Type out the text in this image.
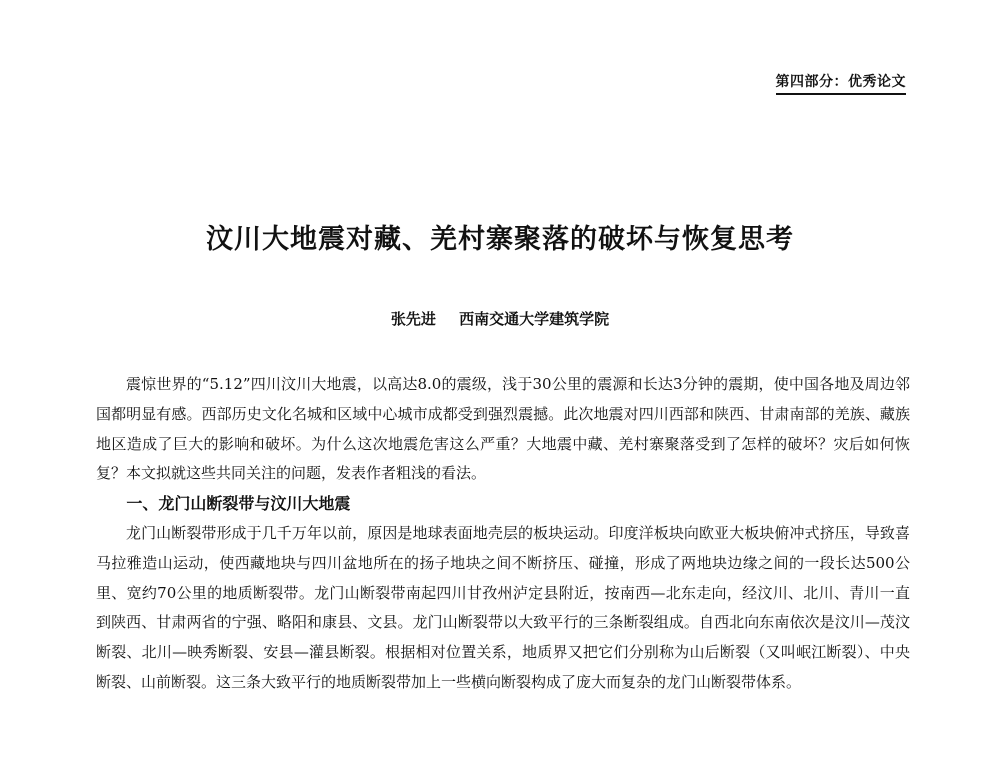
第四部分：优秀论文
汶川大地震对藏、羌村寨聚落的破坏与恢复思考
张先进 西南交通大学建筑学院

震惊世界的“5.12”四川汶川大地震，以高达8.0的震级，浅于30公里的震源和长达3分钟的震期，使中国各地及周边邻国都明显有感。西部历史文化名城和区域中心城市成都受到强烈震撼。此次地震对四川西部和陕西、甘肃南部的羌族、藏族地区造成了巨大的影响和破坏。为什么这次地震危害这么严重？大地震中藏、羌村寨聚落受到了怎样的破坏？灾后如何恢复？本文拟就这些共同关注的问题，发表作者粗浅的看法。

一、龙门山断裂带与汶川大地震

龙门山断裂带形成于几千万年以前，原因是地球表面地壳层的板块运动。印度洋板块向欧亚大板块俯冲式挤压，导致喜马拉雅造山运动，使西藏地块与四川盆地所在的扬子地块之间不断挤压、碰撞，形成了两地块边缘之间的一段长达500公里、宽约70公里的地质断裂带。龙门山断裂带南起四川甘孜州泸定县附近，按南西—北东走向，经汶川、北川、青川一直到陕西、甘肃两省的宁强、略阳和康县、文县。龙门山断裂带以大致平行的三条断裂组成。自西北向东南依次是汶川—茂汶断裂、北川—映秀断裂、安县—灌县断裂。根据相对位置关系，地质界又把它们分别称为山后断裂（又叫岷江断裂）、中央断裂、山前断裂。这三条大致平行的地质断裂带加上一些横向断裂构成了庞大而复杂的龙门山断裂带体系。
